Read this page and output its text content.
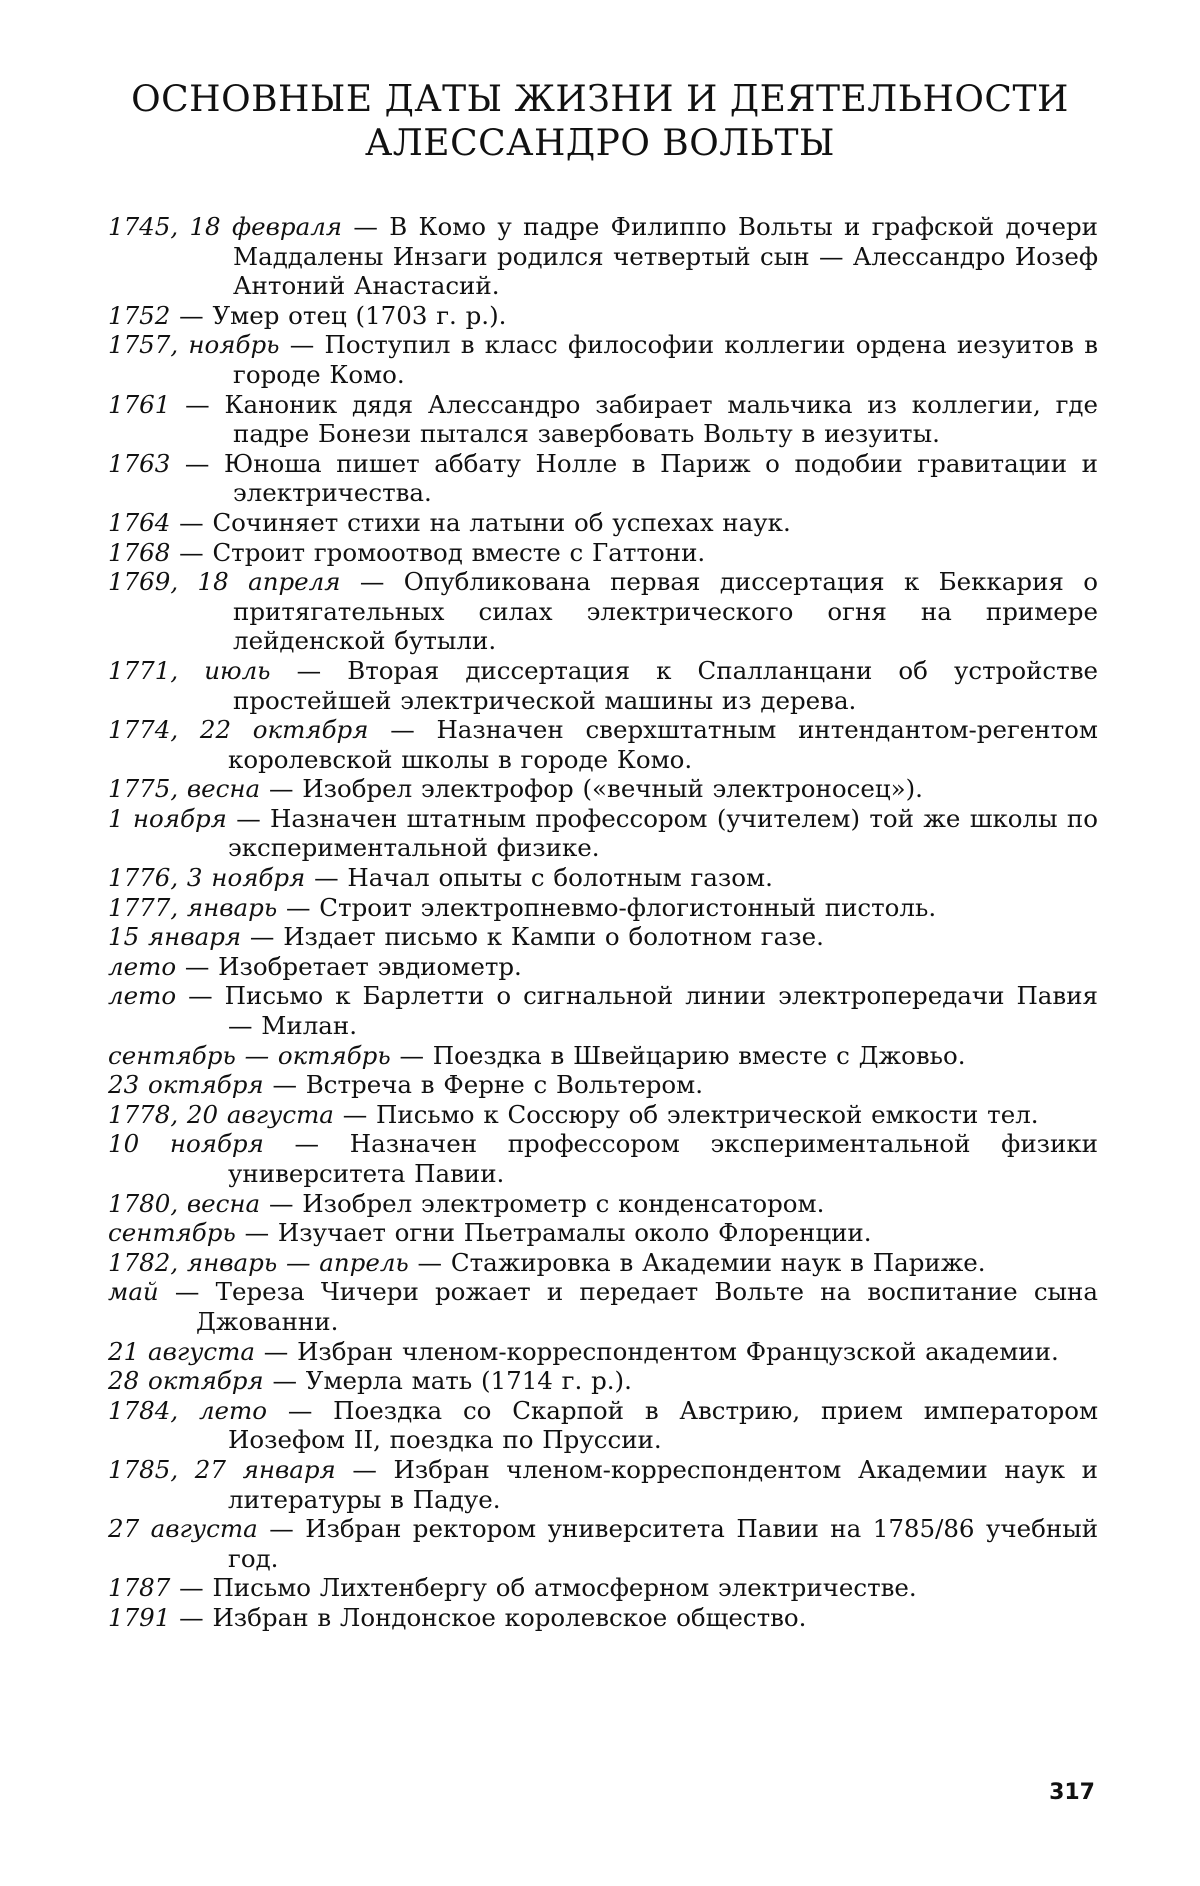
ОСНОВНЫЕ ДАТЫ ЖИЗНИ И ДЕЯТЕЛЬНОСТИ
АЛЕССАНДРО ВОЛЬТЫ
1745, 18 февраля — В Комо у падре Филиппо Вольты и графской дочери Маддалены Инзаги родился четвертый сын — Алессандро Иозеф Антоний Анастасий.
1752 — Умер отец (1703 г. р.).
1757, ноябрь — Поступил в класс философии коллегии ордена иезуитов в городе Комо.
1761 — Каноник дядя Алессандро забирает мальчика из коллегии, где падре Бонези пытался завербовать Вольту в иезуиты.
1763 — Юноша пишет аббату Нолле в Париж о подобии гравитации и электричества.
1764 — Сочиняет стихи на латыни об успехах наук.
1768 — Строит громоотвод вместе с Гаттони.
1769, 18 апреля — Опубликована первая диссертация к Беккария о притягательных силах электрического огня на примере лейденской бутыли.
1771, июль — Вторая диссертация к Спалланцани об устройстве простейшей электрической машины из дерева.
1774, 22 октября — Назначен сверхштатным интендантом-регентом королевской школы в городе Комо.
1775, весна — Изобрел электрофор («вечный электроносец»).
1 ноября — Назначен штатным профессором (учителем) той же школы по экспериментальной физике.
1776, 3 ноября — Начал опыты с болотным газом.
1777, январь — Строит электропневмо-флогистонный пистоль.
15 января — Издает письмо к Кампи о болотном газе.
лето — Изобретает эвдиометр.
лето — Письмо к Барлетти о сигнальной линии электропередачи Павия — Милан.
сентябрь — октябрь — Поездка в Швейцарию вместе с Джовьо.
23 октября — Встреча в Ферне с Вольтером.
1778, 20 августа — Письмо к Соссюру об электрической емкости тел.
10 ноября — Назначен профессором экспериментальной физики университета Павии.
1780, весна — Изобрел электрометр с конденсатором.
сентябрь — Изучает огни Пьетрамалы около Флоренции.
1782, январь — апрель — Стажировка в Академии наук в Париже.
май — Тереза Чичери рожает и передает Вольте на воспитание сына Джованни.
21 августа — Избран членом-корреспондентом Французской академии.
28 октября — Умерла мать (1714 г. р.).
1784, лето — Поездка со Скарпой в Австрию, прием императором Иозефом II, поездка по Пруссии.
1785, 27 января — Избран членом-корреспондентом Академии наук и литературы в Падуе.
27 августа — Избран ректором университета Павии на 1785/86 учебный год.
1787 — Письмо Лихтенбергу об атмосферном электричестве.
1791 — Избран в Лондонское королевское общество.
317
